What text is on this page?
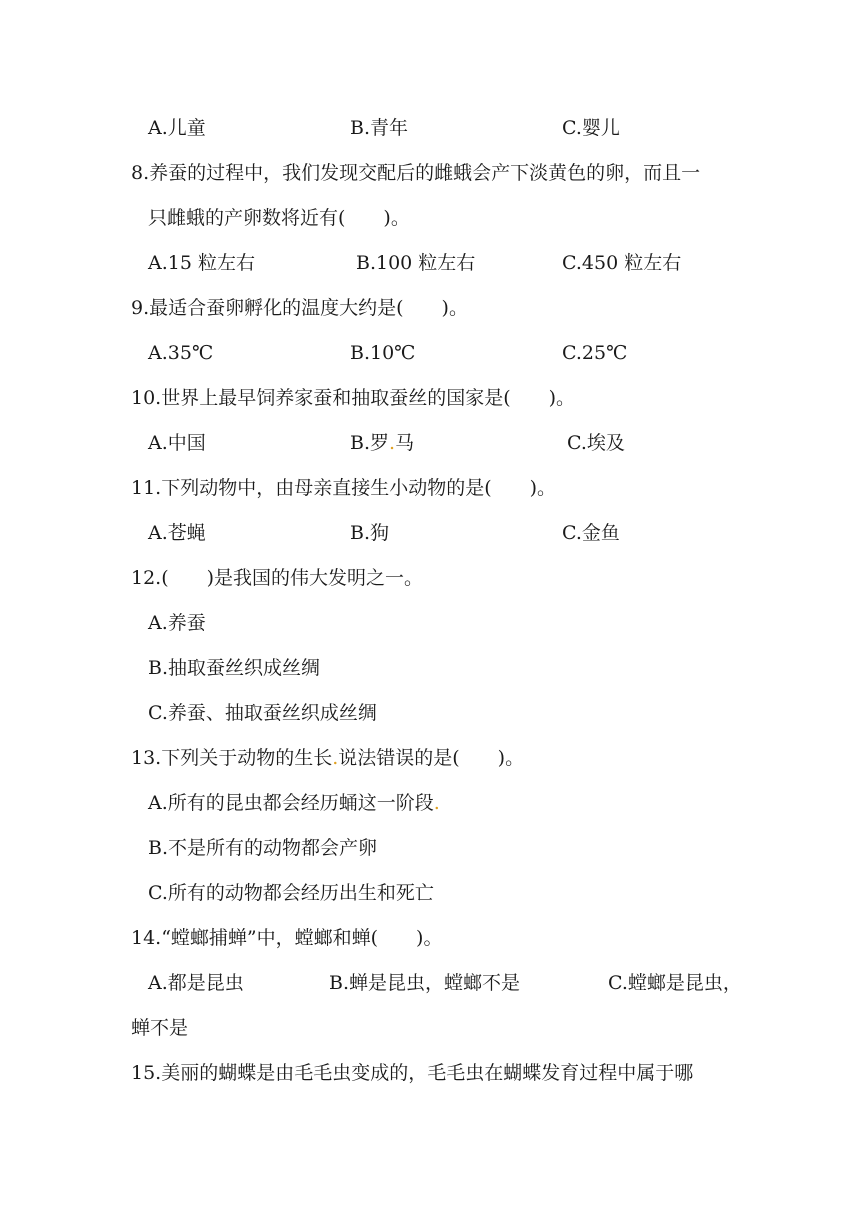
A.儿童	B.青年	C.婴儿
8.养蚕的过程中，我们发现交配后的雌蛾会产下淡黄色的卵，而且一
只雌蛾的产卵数将近有(　　)。
A.15 粒左右	B.100 粒左右	C.450 粒左右
9.最适合蚕卵孵化的温度大约是(　　)。
A.35℃	B.10℃	C.25℃
10.世界上最早饲养家蚕和抽取蚕丝的国家是(　　)。
A.中国	B.罗.马	C.埃及
11.下列动物中，由母亲直接生小动物的是(　　)。
A.苍蝇	B.狗	C.金鱼
12.(　　)是我国的伟大发明之一。
A.养蚕
B.抽取蚕丝织成丝绸
C.养蚕、抽取蚕丝织成丝绸
13.下列关于动物的生长.说法错误的是(　　)。
A.所有的昆虫都会经历蛹这一阶段.
B.不是所有的动物都会产卵
C.所有的动物都会经历出生和死亡
14.“螳螂捕蝉”中，螳螂和蝉(　　)。
A.都是昆虫	B.蝉是昆虫，螳螂不是	C.螳螂是昆虫，
蝉不是
15.美丽的蝴蝶是由毛毛虫变成的，毛毛虫在蝴蝶发育过程中属于哪
